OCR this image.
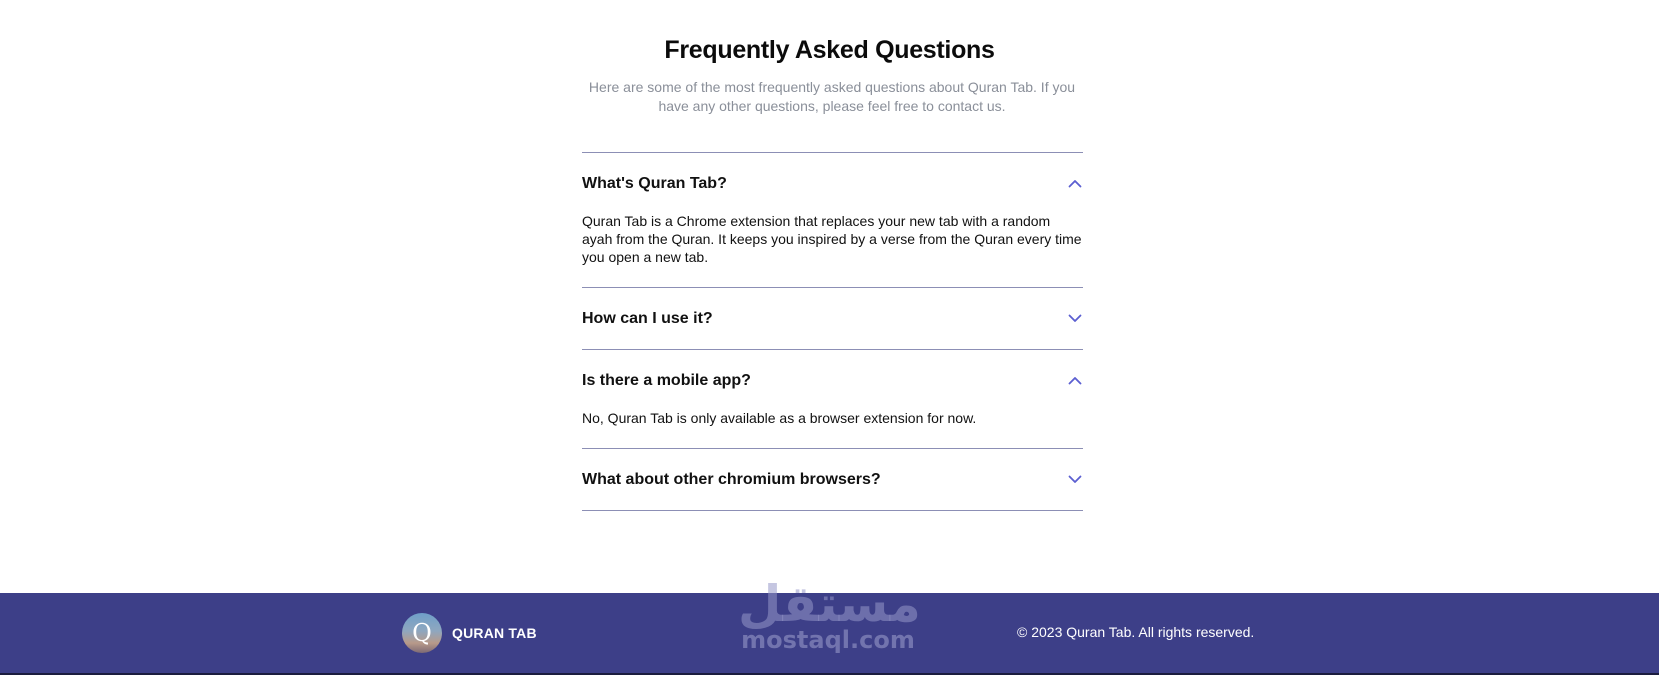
Frequently Asked Questions

Here are some of the most frequently asked questions about Quran Tab. If you have any other questions, please feel free to contact us.

What's Quran Tab?
Quran Tab is a Chrome extension that replaces your new tab with a random ayah from the Quran. It keeps you inspired by a verse from the Quran every time you open a new tab.
How can I use it?
Is there a mobile app?
No, Quran Tab is only available as a browser extension for now.
What about other chromium browsers?
مستقل
mostaql.com
Q	QURAN TAB	© 2023 Quran Tab. All rights reserved.
